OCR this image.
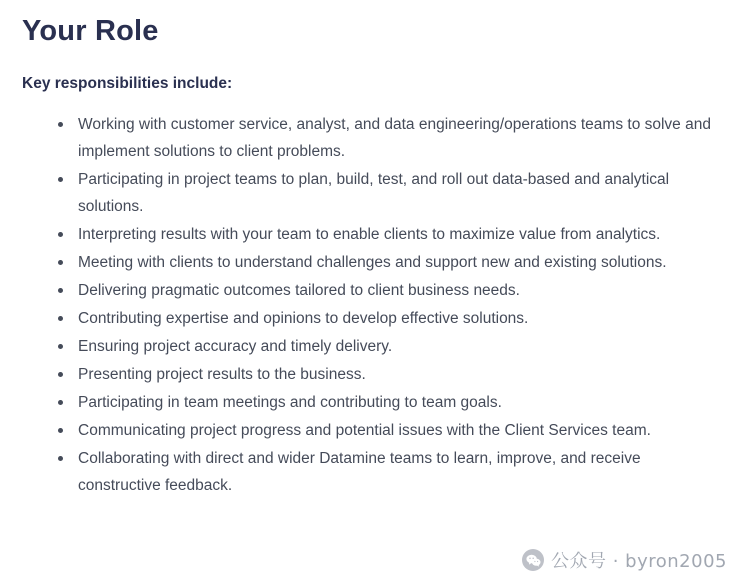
Your Role

Key responsibilities include:

Working with customer service, analyst, and data engineering/operations teams to solve and implement solutions to client problems.
Participating in project teams to plan, build, test, and roll out data-based and analytical solutions.
Interpreting results with your team to enable clients to maximize value from analytics.
Meeting with clients to understand challenges and support new and existing solutions.
Delivering pragmatic outcomes tailored to client business needs.
Contributing expertise and opinions to develop effective solutions.
Ensuring project accuracy and timely delivery.
Presenting project results to the business.
Participating in team meetings and contributing to team goals.
Communicating project progress and potential issues with the Client Services team.
Collaborating with direct and wider Datamine teams to learn, improve, and receive constructive feedback.
公众号 · byron2005
